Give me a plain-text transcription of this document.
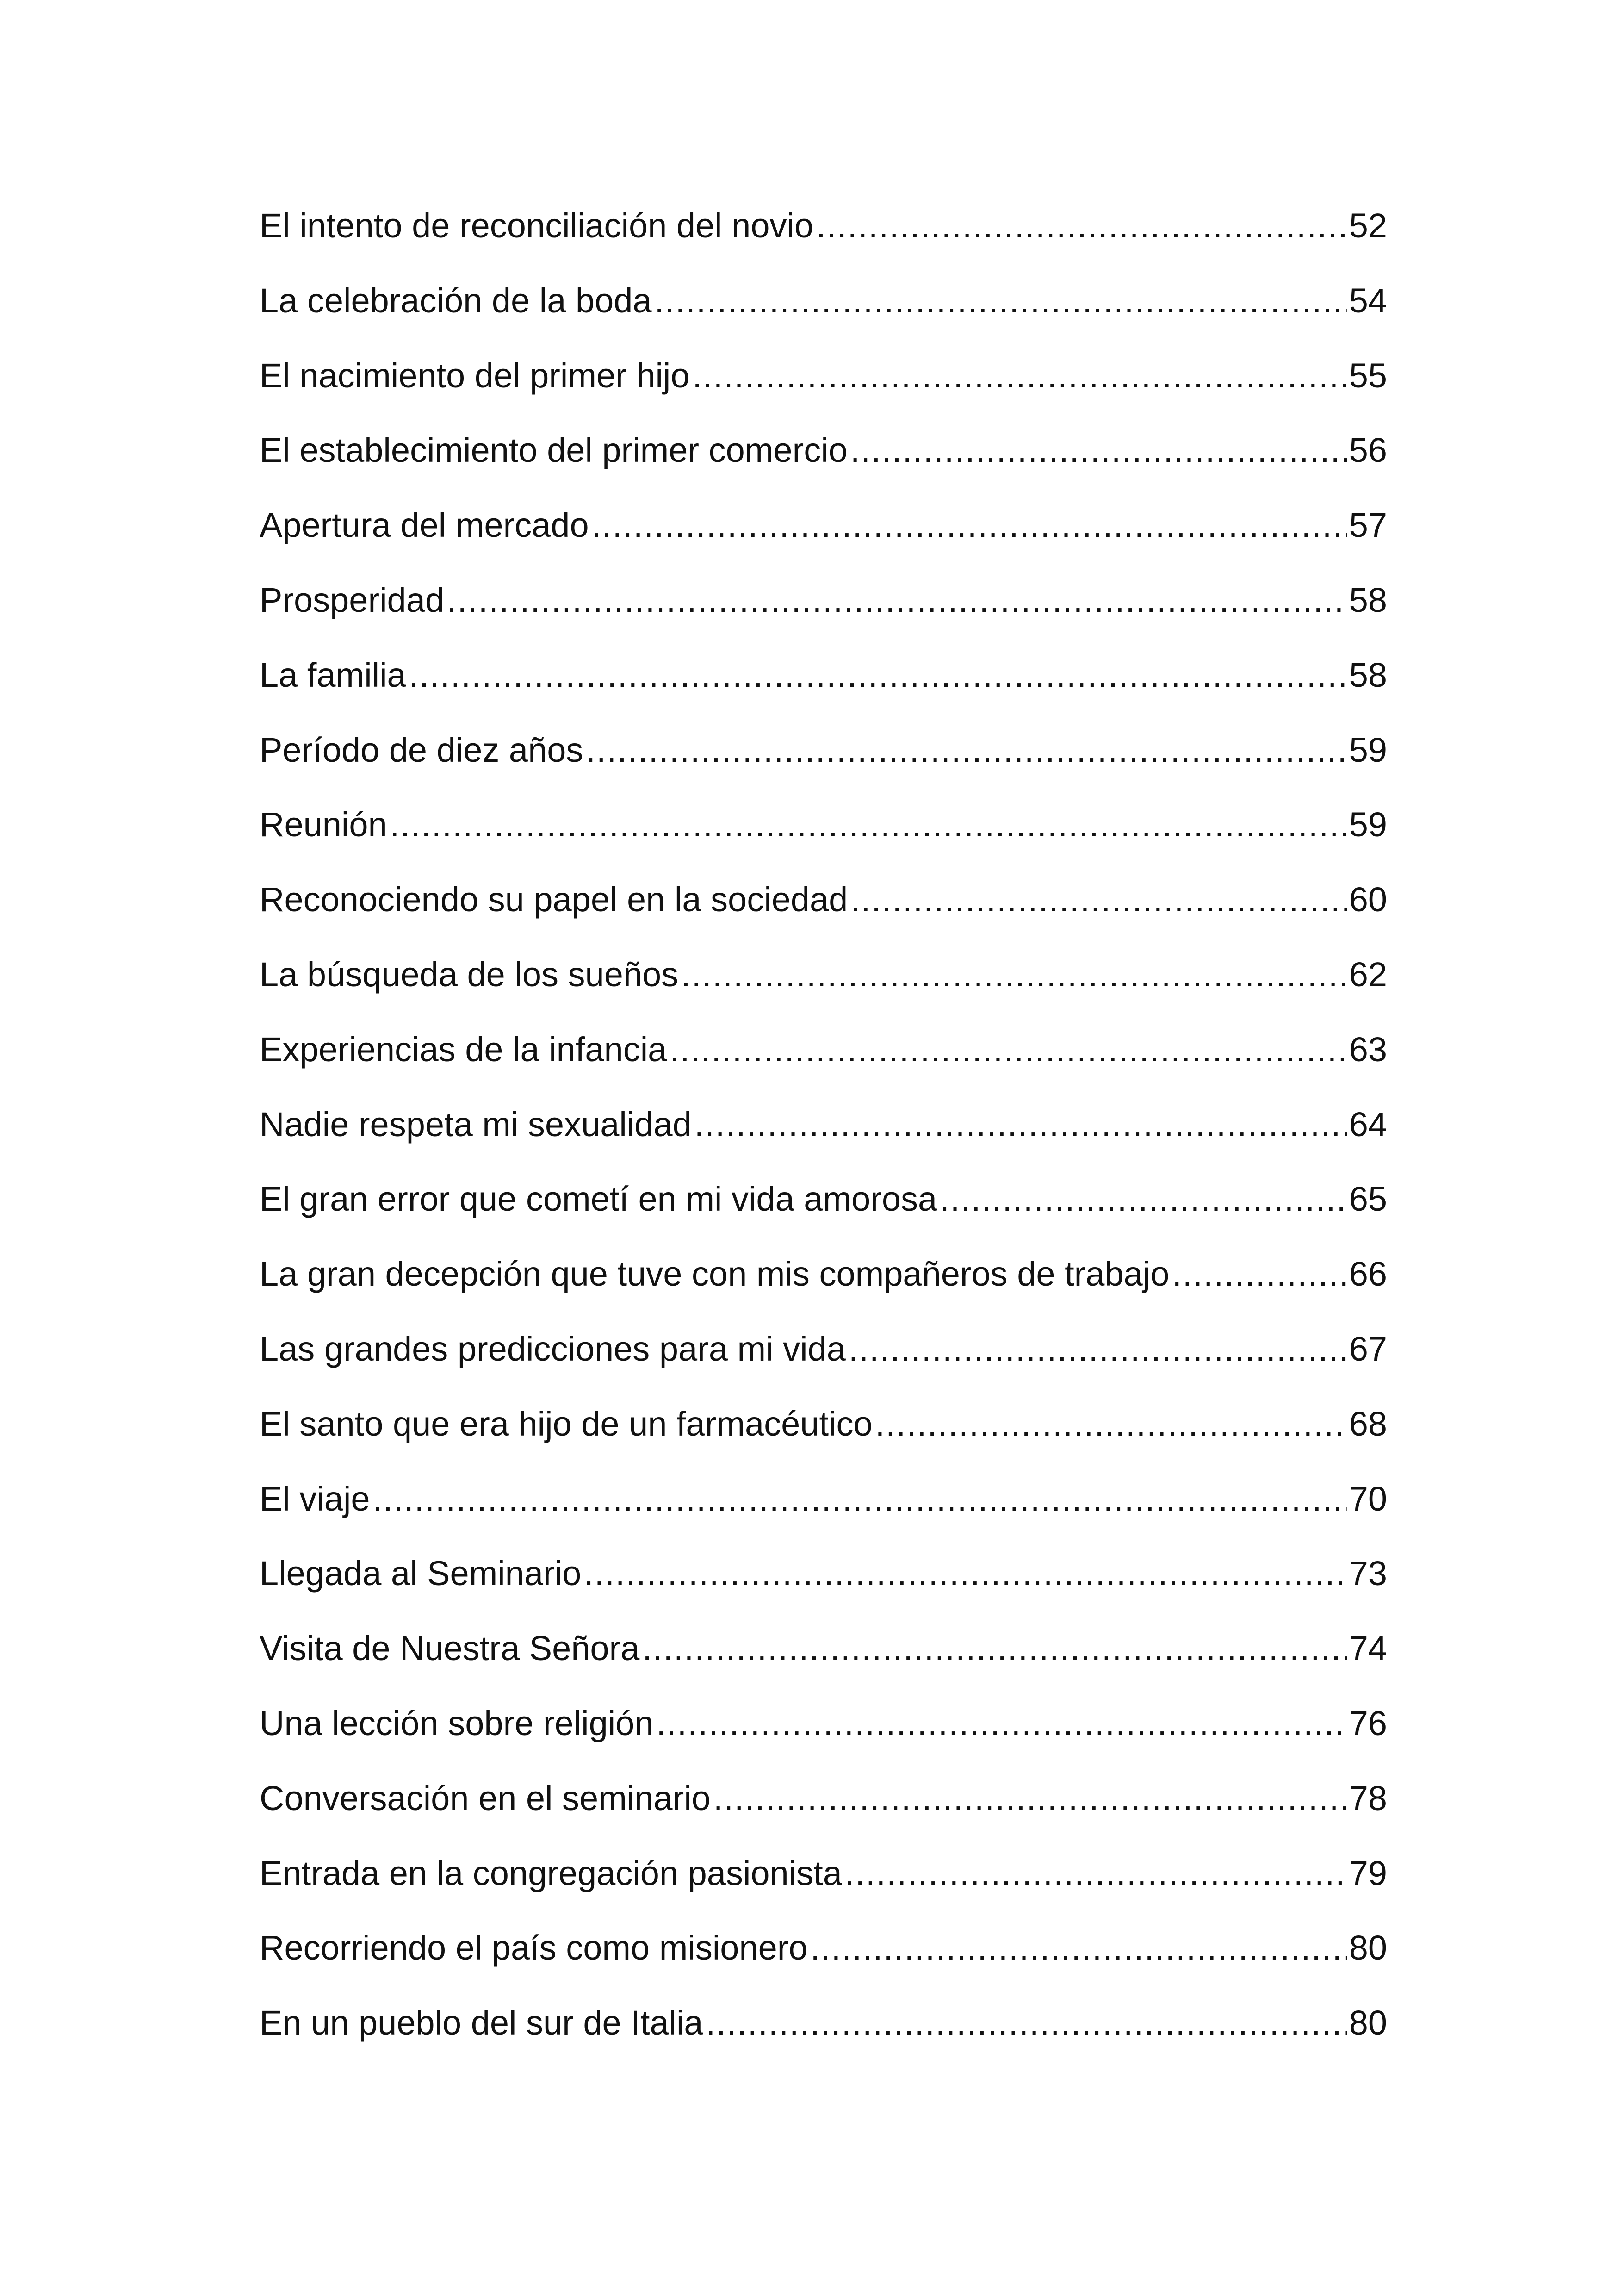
El intento de reconciliación del novio .....	52
La celebración de la boda .....	54
El nacimiento del primer hijo .....	55
El establecimiento del primer comercio .....	56
Apertura del mercado .....	57
Prosperidad .....	58
La familia .....	58
Período de diez años .....	59
Reunión .....	59
Reconociendo su papel en la sociedad .....	60
La búsqueda de los sueños .....	62
Experiencias de la infancia .....	63
Nadie respeta mi sexualidad .....	64
El gran error que cometí en mi vida amorosa .....	65
La gran decepción que tuve con mis compañeros de trabajo .....	66
Las grandes predicciones para mi vida .....	67
El santo que era hijo de un farmacéutico .....	68
El viaje .....	70
Llegada al Seminario .....	73
Visita de Nuestra Señora .....	74
Una lección sobre religión .....	76
Conversación en el seminario .....	78
Entrada en la congregación pasionista .....	79
Recorriendo el país como misionero .....	80
En un pueblo del sur de Italia .....	80
